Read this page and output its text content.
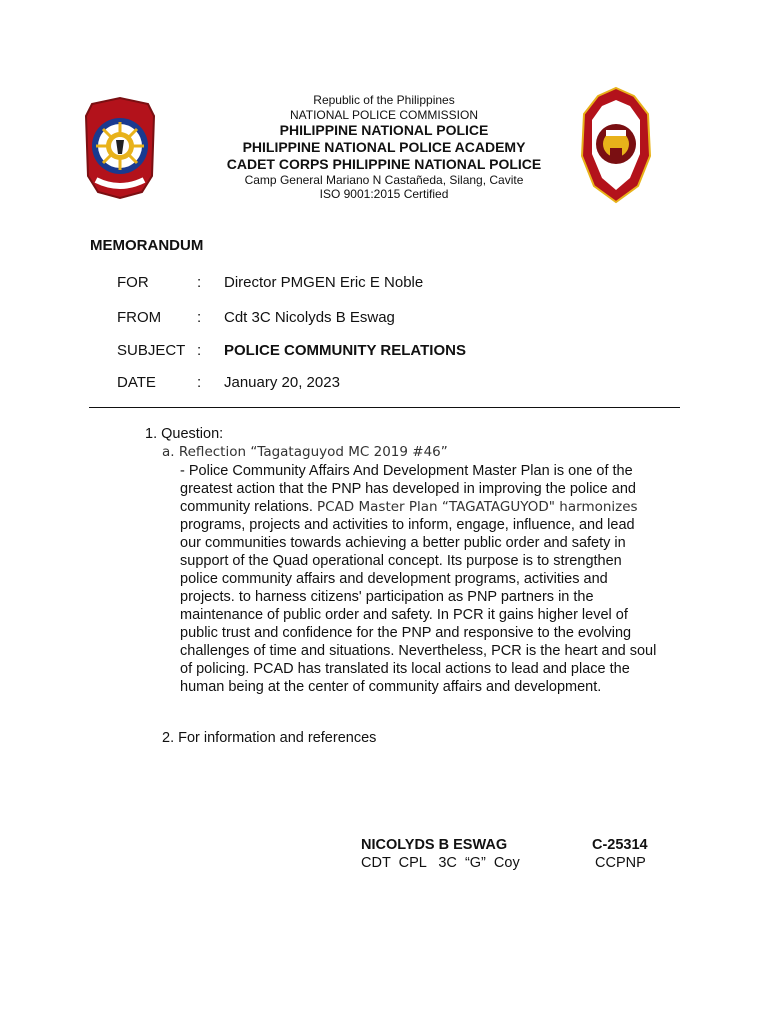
Republic of the Philippines
NATIONAL POLICE COMMISSION
PHILIPPINE NATIONAL POLICE
PHILIPPINE NATIONAL POLICE ACADEMY
CADET CORPS PHILIPPINE NATIONAL POLICE
Camp General Mariano N Castañeda, Silang, Cavite
ISO 9001:2015 Certified
MEMORANDUM
FOR	: Director PMGEN Eric E Noble
FROM : Cdt 3C Nicolyds B Eswag
SUBJECT : POLICE COMMUNITY RELATIONS
DATE	: January 20, 2023
1. Question:
a. Reflection “Tagataguyod MC 2019 #46”
- Police Community Affairs And Development Master Plan is one of the
greatest action that the PNP has developed in improving the police and
community relations. PCAD Master Plan “TAGATAGUYOD" harmonizes
programs, projects and activities to inform, engage, influence, and lead
our communities towards achieving a better public order and safety in
support of the Quad operational concept. Its purpose is to strengthen
police community affairs and development programs, activities and
projects. to harness citizens' participation as PNP partners in the
maintenance of public order and safety. In PCR it gains higher level of
public trust and confidence for the PNP and responsive to the evolving
challenges of time and situations. Nevertheless, PCR is the heart and soul
of policing. PCAD has translated its local actions to lead and place the
human being at the center of community affairs and development.
2. For information and references
NICOLYDS B ESWAG	C-25314
CDT  CPL   3C  “G”  Coy	CCPNP
